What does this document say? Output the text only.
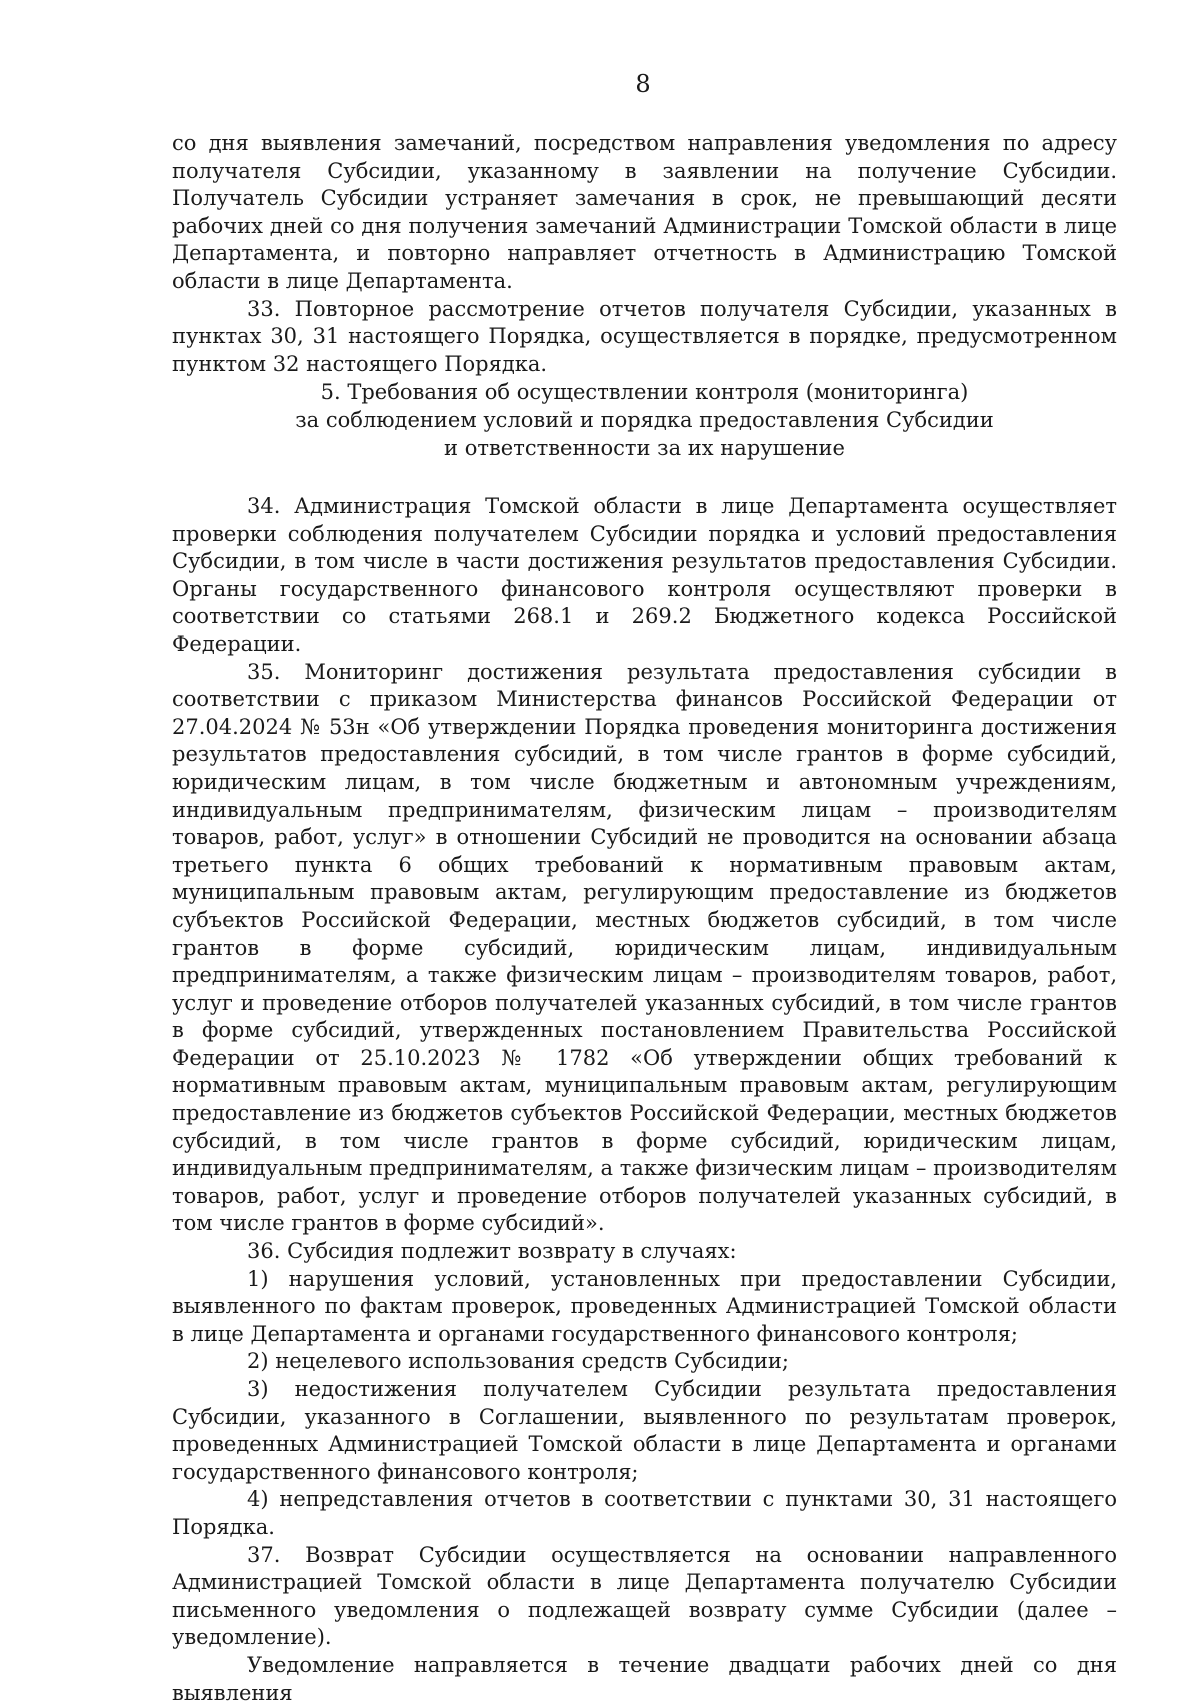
8

со дня выявления замечаний, посредством направления уведомления по адресу получателя Субсидии, указанному в заявлении на получение Субсидии. Получатель Субсидии устраняет замечания в срок, не превышающий десяти рабочих дней со дня получения замечаний Администрации Томской области в лице Департамента, и повторно направляет отчетность в Администрацию Томской области в лице Департамента.

33. Повторное рассмотрение отчетов получателя Субсидии, указанных в пунктах 30, 31 настоящего Порядка, осуществляется в порядке, предусмотренном пунктом 32 настоящего Порядка.

5. Требования об осуществлении контроля (мониторинга)
за соблюдением условий и порядка предоставления Субсидии
и ответственности за их нарушение

34. Администрация Томской области в лице Департамента осуществляет проверки соблюдения получателем Субсидии порядка и условий предоставления Субсидии, в том числе в части достижения результатов предоставления Субсидии. Органы государственного финансового контроля осуществляют проверки в соответствии со статьями 268.1 и 269.2 Бюджетного кодекса Российской Федерации.

35. Мониторинг достижения результата предоставления субсидии в соответствии с приказом Министерства финансов Российской Федерации от 27.04.2024 № 53н «Об утверждении Порядка проведения мониторинга достижения результатов предоставления субсидий, в том числе грантов в форме субсидий, юридическим лицам, в том числе бюджетным и автономным учреждениям, индивидуальным предпринимателям, физическим лицам – производителям товаров, работ, услуг» в отношении Субсидий не проводится на основании абзаца третьего пункта 6 общих требований к нормативным правовым актам, муниципальным правовым актам, регулирующим предоставление из бюджетов субъектов Российской Федерации, местных бюджетов субсидий, в том числе грантов в форме субсидий, юридическим лицам, индивидуальным предпринимателям, а также физическим лицам – производителям товаров, работ, услуг и проведение отборов получателей указанных субсидий, в том числе грантов в форме субсидий, утвержденных постановлением Правительства Российской Федерации от 25.10.2023 № 1782 «Об утверждении общих требований к нормативным правовым актам, муниципальным правовым актам, регулирующим предоставление из бюджетов субъектов Российской Федерации, местных бюджетов субсидий, в том числе грантов в форме субсидий, юридическим лицам, индивидуальным предпринимателям, а также физическим лицам – производителям товаров, работ, услуг и проведение отборов получателей указанных субсидий, в том числе грантов в форме субсидий».

36. Субсидия подлежит возврату в случаях:

1) нарушения условий, установленных при предоставлении Субсидии, выявленного по фактам проверок, проведенных Администрацией Томской области в лице Департамента и органами государственного финансового контроля;

2) нецелевого использования средств Субсидии;

3) недостижения получателем Субсидии результата предоставления Субсидии, указанного в Соглашении, выявленного по результатам проверок, проведенных Администрацией Томской области в лице Департамента и органами государственного финансового контроля;

4) непредставления отчетов в соответствии с пунктами 30, 31 настоящего Порядка.

37. Возврат Субсидии осуществляется на основании направленного Администрацией Томской области в лице Департамента получателю Субсидии письменного уведомления о подлежащей возврату сумме Субсидии (далее – уведомление).

Уведомление направляется в течение двадцати рабочих дней со дня выявления
